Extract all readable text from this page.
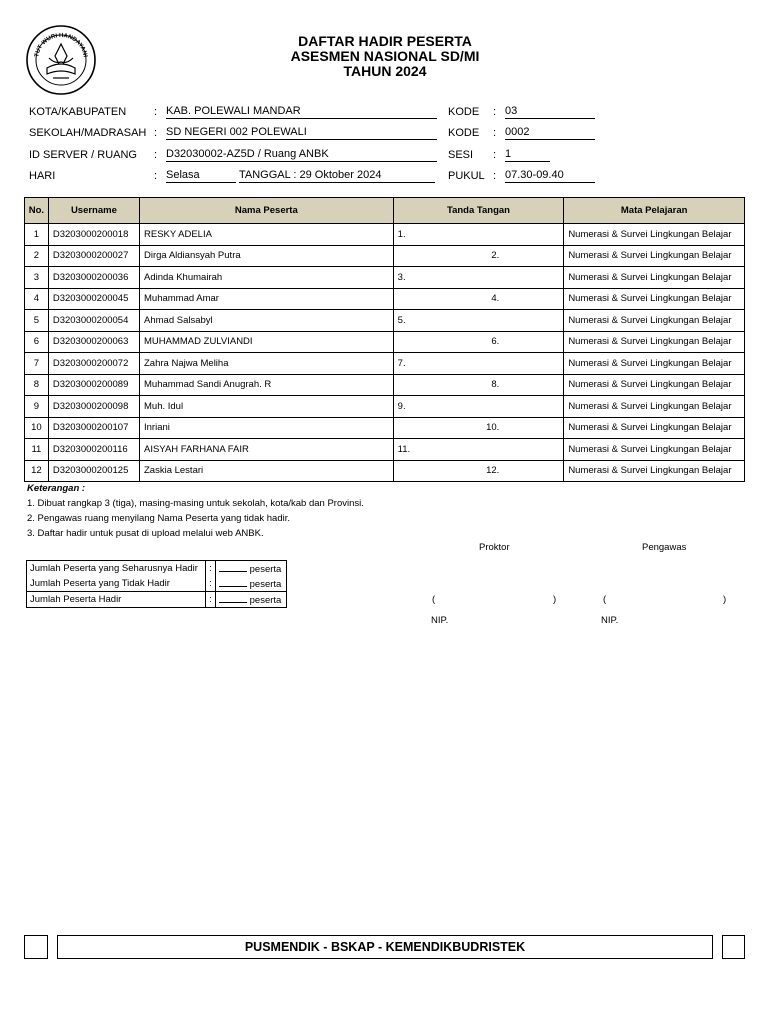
TUT WURI HANDAYANI
DAFTAR HADIR PESERTA
ASESMEN NASIONAL SD/MI
TAHUN 2024
KOTA/KABUPATEN	: KAB. POLEWALI MANDAR
SEKOLAH/MADRASAH : SD NEGERI 002 POLEWALI
ID SERVER / RUANG : D32030002-AZ5D / Ruang ANBK
HARI	: Selasa	TANGGAL : 29 Oktober 2024
KODE : 03
KODE : 0002
SESI : 1
PUKUL : 07.30-09.40
No.	Username	Nama Peserta	Tanda Tangan	Mata Pelajaran
1	D3203000200018	RESKY ADELIA	1.	Numerasi & Survei Lingkungan Belajar
2	D3203000200027	Dirga Aldiansyah Putra	2.	Numerasi & Survei Lingkungan Belajar
3	D3203000200036	Adinda Khumairah	3.	Numerasi & Survei Lingkungan Belajar
4	D3203000200045	Muhammad Amar	4.	Numerasi & Survei Lingkungan Belajar
5	D3203000200054	Ahmad Salsabyl	5.	Numerasi & Survei Lingkungan Belajar
6	D3203000200063	MUHAMMAD ZULVIANDI	6.	Numerasi & Survei Lingkungan Belajar
7	D3203000200072	Zahra Najwa Meliha	7.	Numerasi & Survei Lingkungan Belajar
8	D3203000200089	Muhammad Sandi Anugrah. R	8.	Numerasi & Survei Lingkungan Belajar
9	D3203000200098	Muh. Idul	9.	Numerasi & Survei Lingkungan Belajar
10	D3203000200107	Inriani	10.	Numerasi & Survei Lingkungan Belajar
11	D3203000200116	AISYAH FARHANA FAIR	11.	Numerasi & Survei Lingkungan Belajar
12	D3203000200125	Zaskia Lestari	12.	Numerasi & Survei Lingkungan Belajar
Keterangan :
1. Dibuat rangkap 3 (tiga), masing-masing untuk sekolah, kota/kab dan Provinsi.
2. Pengawas ruang menyilang Nama Peserta yang tidak hadir.
3. Daftar hadir untuk pusat di upload melalui web ANBK.
Proktor	Pengawas
(	)	(	)
NIP.	NIP.
Jumlah Peserta yang Seharusnya Hadir	:	peserta
Jumlah Peserta yang Tidak Hadir	:	peserta
Jumlah Peserta Hadir	:	peserta
PUSMENDIK - BSKAP - KEMENDIKBUDRISTEK
